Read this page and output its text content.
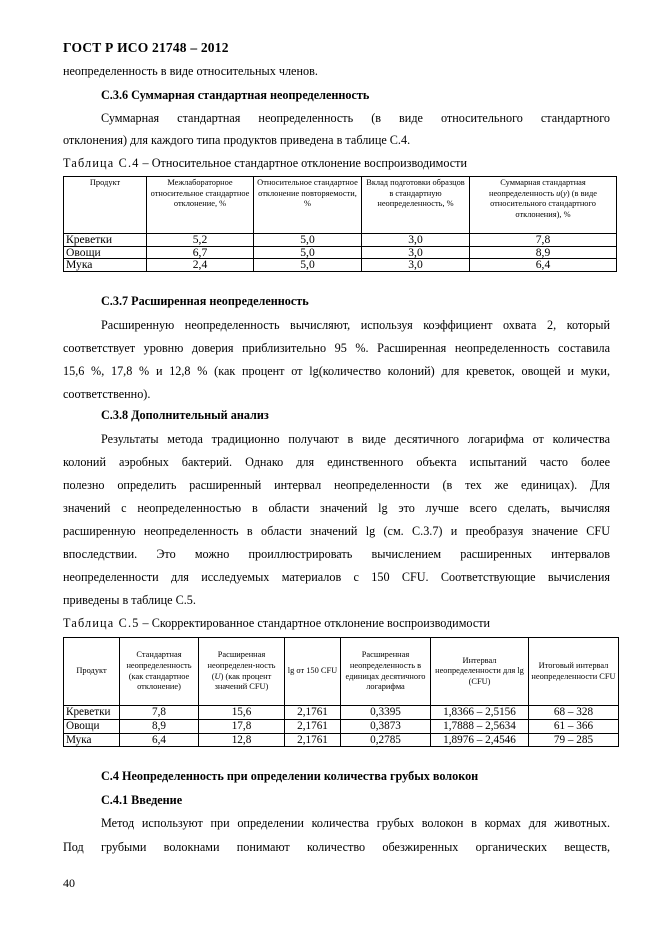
ГОСТ Р ИСО 21748 – 2012
неопределенность в виде относительных членов.
С.3.6 Суммарная стандартная неопределенность
Суммарная стандартная неопределенность (в виде относительного стандартного
отклонения) для каждого типа продуктов приведена в таблице С.4.
Таблица С.4 – Относительное стандартное отклонение воспроизводимости
Продукт	Межлабораторное относительное стандартное отклонение, %	Относительное стандартное отклонение повторяемости, %	Вклад подготовки образцов в стандартную неопределенность, %	Суммарная стандартная неопределенность u(y) (в виде относительного стандартного отклонения), %
Креветки	5,2	5,0	3,0	7,8
Овощи	6,7	5,0	3,0	8,9
Мука	2,4	5,0	3,0	6,4
С.3.7 Расширенная неопределенность
Расширенную неопределенность вычисляют, используя коэффициент охвата 2, который
соответствует уровню доверия приблизительно 95 %. Расширенная неопределенность составила
15,6 %, 17,8 % и 12,8 % (как процент от lg(количество колоний) для креветок, овощей и муки,
соответственно).
С.3.8 Дополнительный анализ
Результаты метода традиционно получают в виде десятичного логарифма от количества
колоний аэробных бактерий. Однако для единственного объекта испытаний часто более
полезно определить расширенный интервал неопределенности (в тех же единицах). Для
значений с неопределенностью в области значений lg это лучше всего сделать, вычисляя
расширенную неопределенность в области значений lg (см. С.3.7) и преобразуя значение CFU
впоследствии. Это можно проиллюстрировать вычислением расширенных интервалов
неопределенности для исследуемых материалов с 150 CFU. Соответствующие вычисления
приведены в таблице С.5.
Таблица С.5 – Скорректированное стандартное отклонение воспроизводимости
Продукт	Стандартная неопределенность (как стандартное отклонение)	Расширенная неопределен-ность (U) (как процент значений CFU)	lg от 150 CFU	Расширенная неопределенность в единицах десятичного логарифма	Интервал неопределенности для lg (CFU)	Итоговый интервал неопределенности CFU
Креветки	7,8	15,6	2,1761	0,3395	1,8366 – 2,5156	68 – 328
Овощи	8,9	17,8	2,1761	0,3873	1,7888 – 2,5634	61 – 366
Мука	6,4	12,8	2,1761	0,2785	1,8976 – 2,4546	79 – 285
С.4 Неопределенность при определении количества грубых волокон
С.4.1 Введение
Метод используют при определении количества грубых волокон в кормах для животных.
Под грубыми волокнами понимают количество обезжиренных органических веществ,
40
